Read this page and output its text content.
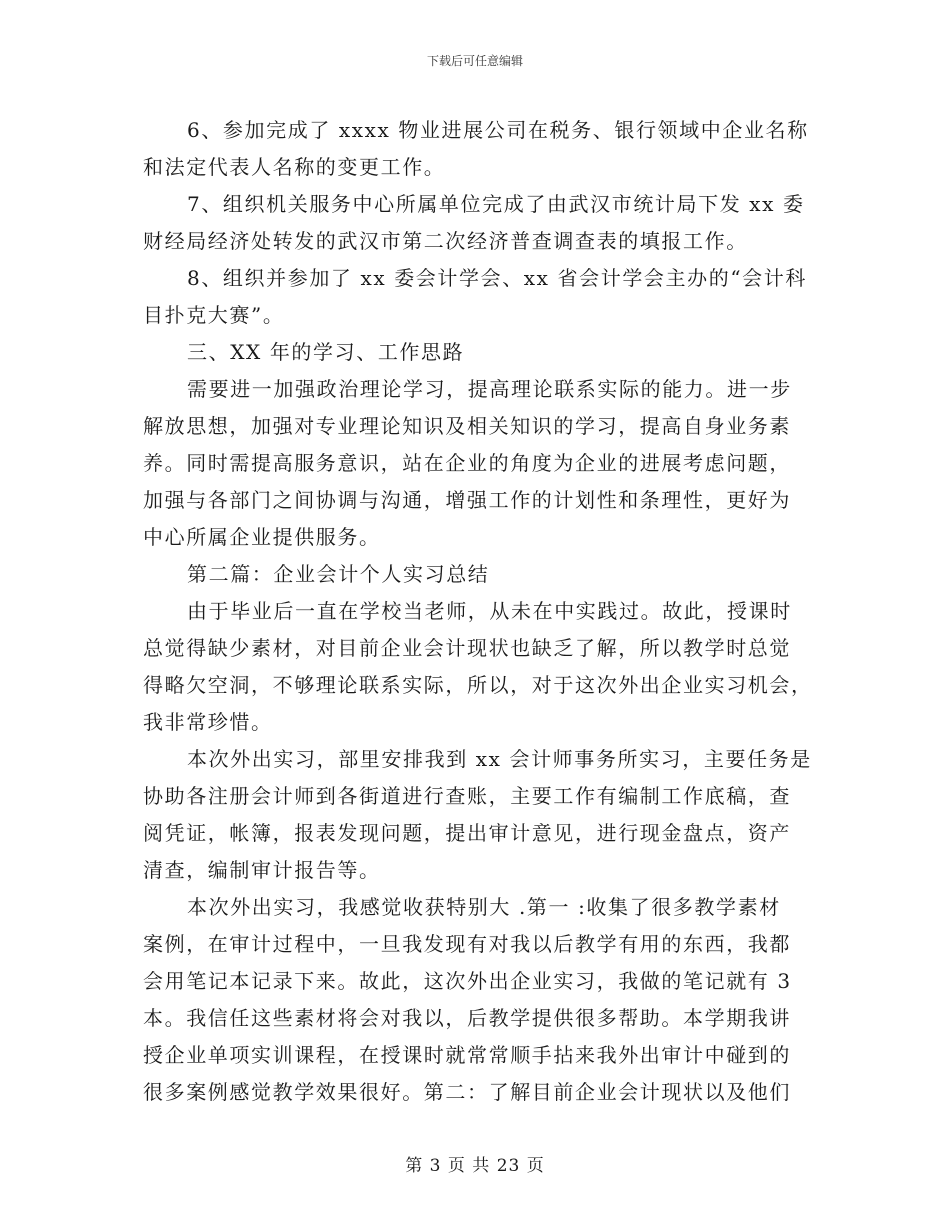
下载后可任意编辑
6、参加完成了 xxxx 物业进展公司在税务、银行领域中企业名称
和法定代表人名称的变更工作。
7、组织机关服务中心所属单位完成了由武汉市统计局下发 xx 委
财经局经济处转发的武汉市第二次经济普查调查表的填报工作。
8、组织并参加了 xx 委会计学会、xx 省会计学会主办的“会计科
目扑克大赛”。
三、XX 年的学习、工作思路
需要进一加强政治理论学习，提高理论联系实际的能力。进一步
解放思想，加强对专业理论知识及相关知识的学习，提高自身业务素
养。同时需提高服务意识，站在企业的角度为企业的进展考虑问题，
加强与各部门之间协调与沟通，增强工作的计划性和条理性，更好为
中心所属企业提供服务。
第二篇：企业会计个人实习总结
由于毕业后一直在学校当老师，从未在中实践过。故此，授课时
总觉得缺少素材，对目前企业会计现状也缺乏了解，所以教学时总觉
得略欠空洞，不够理论联系实际，所以，对于这次外出企业实习机会，
我非常珍惜。
本次外出实习，部里安排我到 xx 会计师事务所实习，主要任务是
协助各注册会计师到各街道进行查账，主要工作有编制工作底稿，查
阅凭证，帐簿，报表发现问题，提出审计意见，进行现金盘点，资产
清查，编制审计报告等。
本次外出实习，我感觉收获特别大 .第一 :收集了很多教学素材
案例，在审计过程中，一旦我发现有对我以后教学有用的东西，我都
会用笔记本记录下来。故此，这次外出企业实习，我做的笔记就有 3
本。我信任这些素材将会对我以，后教学提供很多帮助。本学期我讲
授企业单项实训课程，在授课时就常常顺手拈来我外出审计中碰到的
很多案例感觉教学效果很好。第二：了解目前企业会计现状以及他们
第 3 页 共 23 页
